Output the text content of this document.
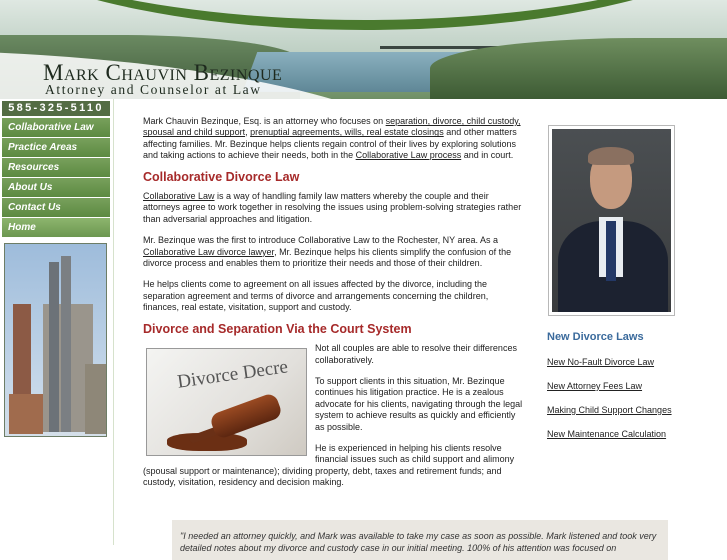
Mark Chauvin Bezinque
Attorney and Counselor at Law
585-325-5110
Collaborative Law
Practice Areas
Resources
About Us
Contact Us
Home

Mark Chauvin Bezinque, Esq. is an attorney who focuses on separation, divorce, child custody, spousal and child support, prenuptial agreements, wills, real estate closings and other matters affecting families. Mr. Bezinque helps clients regain control of their lives by exploring solutions and taking actions to achieve their needs, both in the Collaborative Law process and in court.

Collaborative Divorce Law

Collaborative Law is a way of handling family law matters whereby the couple and their attorneys agree to work together in resolving the issues using problem-solving strategies rather than adversarial approaches and litigation.

Mr. Bezinque was the first to introduce Collaborative Law to the Rochester, NY area. As a Collaborative Law divorce lawyer, Mr. Bezinque helps his clients simplify the confusion of the divorce process and enables them to prioritize their needs and those of their children.

He helps clients come to agreement on all issues affected by the divorce, including the separation agreement and terms of divorce and arrangements concerning the children, finances, real estate, visitation, support and custody.

Divorce and Separation Via the Court System
Divorce Decre

Not all couples are able to resolve their differences collaboratively.

To support clients in this situation, Mr. Bezinque continues his litigation practice. He is a zealous advocate for his clients, navigating through the legal system to achieve results as quickly and efficiently as possible.

He is experienced in helping his clients resolve financial issues such as child support and alimony (spousal support or maintenance); dividing property, debt, taxes and retirement funds; and custody, visitation, residency and decision making.

"I needed an attorney quickly, and Mark was available to take my case as soon as possible. Mark listened and took very detailed notes about my divorce and custody case in our initial meeting. 100% of his attention was focused on
New Divorce Laws
New No-Fault Divorce Law
New Attorney Fees Law
Making Child Support Changes
New Maintenance Calculation
